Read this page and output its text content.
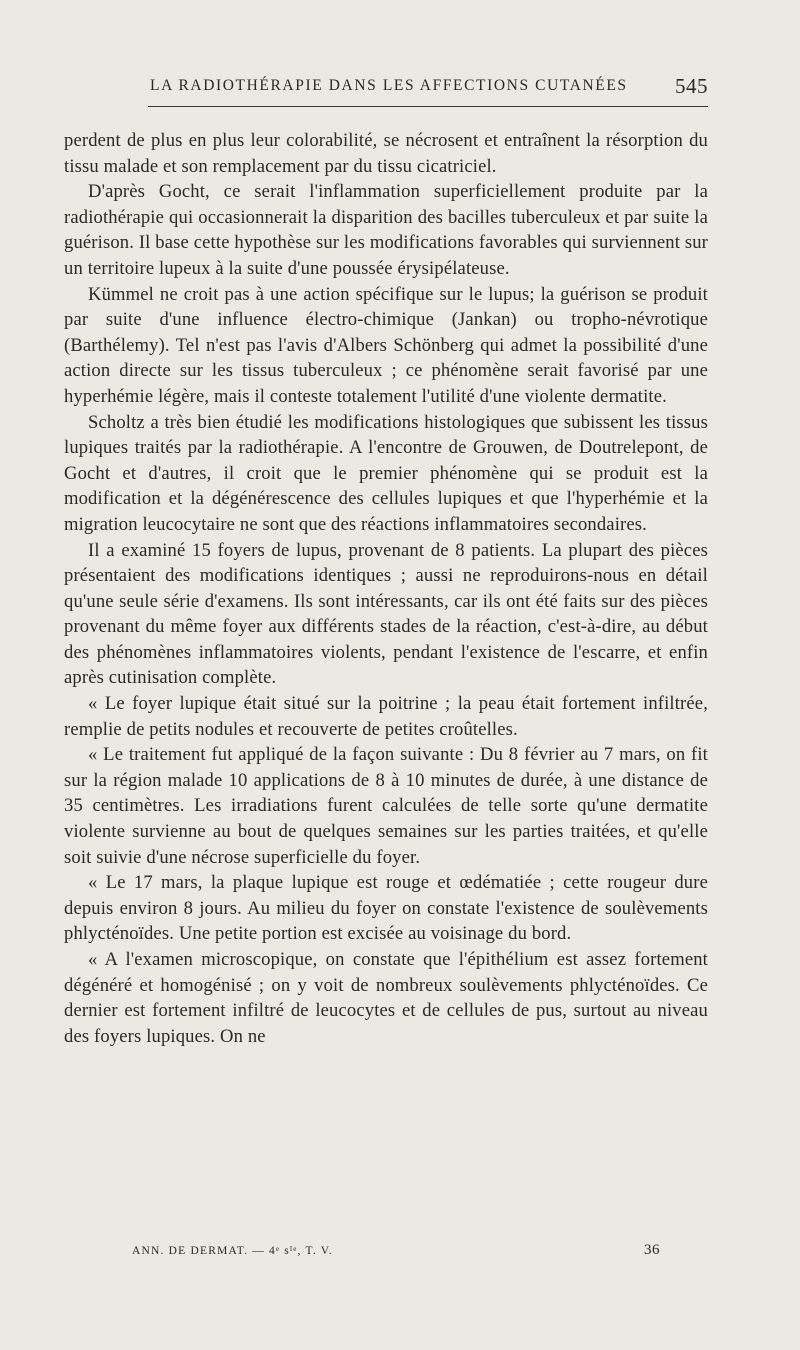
LA RADIOTHÉRAPIE DANS LES AFFECTIONS CUTANÉES 545

perdent de plus en plus leur colorabilité, se nécrosent et entraînent la résorption du tissu malade et son remplacement par du tissu cicatriciel.

D'après Gocht, ce serait l'inflammation superficiellement produite par la radiothérapie qui occasionnerait la disparition des bacilles tuberculeux et par suite la guérison. Il base cette hypothèse sur les modifications favorables qui surviennent sur un territoire lupeux à la suite d'une poussée érysipélateuse.

Kümmel ne croit pas à une action spécifique sur le lupus; la guérison se produit par suite d'une influence électro-chimique (Jankan) ou tropho-névrotique (Barthélemy). Tel n'est pas l'avis d'Albers Schönberg qui admet la possibilité d'une action directe sur les tissus tuberculeux ; ce phénomène serait favorisé par une hyperhémie légère, mais il conteste totalement l'utilité d'une violente dermatite.

Scholtz a très bien étudié les modifications histologiques que subissent les tissus lupiques traités par la radiothérapie. A l'encontre de Grouwen, de Doutrelepont, de Gocht et d'autres, il croit que le premier phénomène qui se produit est la modification et la dégénérescence des cellules lupiques et que l'hyperhémie et la migration leucocytaire ne sont que des réactions inflammatoires secondaires.

Il a examiné 15 foyers de lupus, provenant de 8 patients. La plupart des pièces présentaient des modifications identiques ; aussi ne reproduirons-nous en détail qu'une seule série d'examens. Ils sont intéressants, car ils ont été faits sur des pièces provenant du même foyer aux différents stades de la réaction, c'est-à-dire, au début des phénomènes inflammatoires violents, pendant l'existence de l'escarre, et enfin après cutinisation complète.

« Le foyer lupique était situé sur la poitrine ; la peau était fortement infiltrée, remplie de petits nodules et recouverte de petites croûtelles.

« Le traitement fut appliqué de la façon suivante : Du 8 février au 7 mars, on fit sur la région malade 10 applications de 8 à 10 minutes de durée, à une distance de 35 centimètres. Les irradiations furent calculées de telle sorte qu'une dermatite violente survienne au bout de quelques semaines sur les parties traitées, et qu'elle soit suivie d'une nécrose superficielle du foyer.

« Le 17 mars, la plaque lupique est rouge et œdématiée ; cette rougeur dure depuis environ 8 jours. Au milieu du foyer on constate l'existence de soulèvements phlycténoïdes. Une petite portion est excisée au voisinage du bord.

« A l'examen microscopique, on constate que l'épithélium est assez fortement dégénéré et homogénisé ; on y voit de nombreux soulèvements phlycténoïdes. Ce dernier est fortement infiltré de leucocytes et de cellules de pus, surtout au niveau des foyers lupiques. On ne

ANN. DE DERMAT. — 4ᵉ sᴵᵉ, T. V.	36
